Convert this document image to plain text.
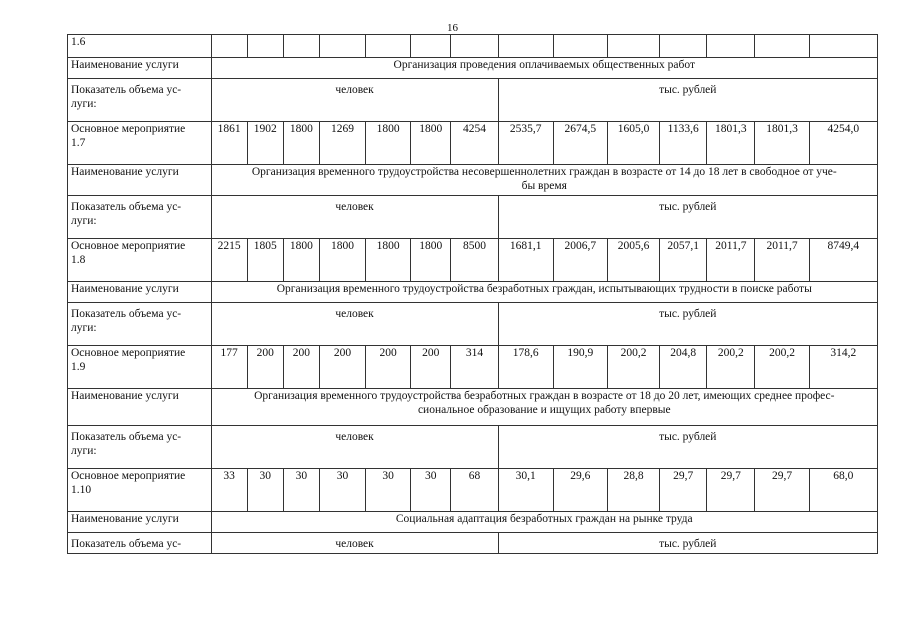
16
1.6														
Наименование услуги	Организация проведения оплачиваемых общественных работ													
Показатель объема ус-
луги:	человек							тыс. рублей						
Основное мероприятие
1.7	1861	1902	1800	1269	1800	1800	4254	2535,7	2674,5	1605,0	1133,6	1801,3	1801,3	4254,0
Наименование услуги	Организация временного трудоустройства несовершеннолетних граждан в возрасте от 14 до 18 лет в свободное от уче-
бы время													
Показатель объема ус-
луги:	человек							тыс. рублей						
Основное мероприятие
1.8	2215	1805	1800	1800	1800	1800	8500	1681,1	2006,7	2005,6	2057,1	2011,7	2011,7	8749,4
Наименование услуги	Организация временного трудоустройства безработных граждан, испытывающих трудности в поиске работы													
Показатель объема ус-
луги:	человек							тыс. рублей						
Основное мероприятие
1.9	177	200	200	200	200	200	314	178,6	190,9	200,2	204,8	200,2	200,2	314,2
Наименование услуги	Организация временного трудоустройства безработных граждан в возрасте от 18 до 20 лет, имеющих среднее профес-
сиональное образование и ищущих работу впервые													
Показатель объема ус-
луги:	человек							тыс. рублей						
Основное мероприятие
1.10	33	30	30	30	30	30	68	30,1	29,6	28,8	29,7	29,7	29,7	68,0
Наименование услуги	Социальная адаптация безработных граждан на рынке труда													
Показатель объема ус-	человек							тыс. рублей						
